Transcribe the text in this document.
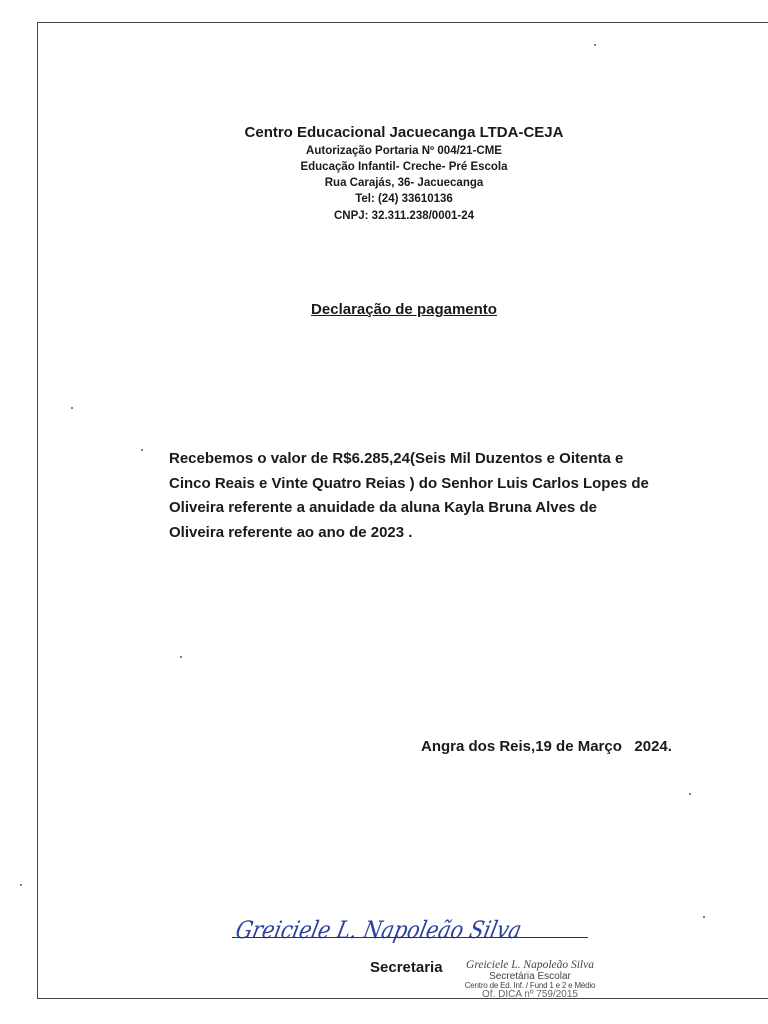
Centro Educacional Jacuecanga LTDA-CEJA
Autorização Portaria Nº 004/21-CME
Educação Infantil- Creche- Pré Escola
Rua Carajás, 36- Jacuecanga
Tel: (24) 33610136
CNPJ: 32.311.238/0001-24
Declaração de pagamento
Recebemos o valor de R$6.285,24(Seis Mil Duzentos e Oitenta e
Cinco Reais e Vinte Quatro Reias ) do Senhor Luis Carlos Lopes de
Oliveira referente a anuidade da aluna Kayla Bruna Alves de
Oliveira referente ao ano de 2023 .
Angra dos Reis,19 de Março   2024.
Greiciele L. Napoleão Silva
Secretaria	Greiciele L. Napoleão Silva
Secretária Escolar
Centro de Ed. Inf. / Fund 1 e 2 e Médio
Of. DICA nº 759/2015
